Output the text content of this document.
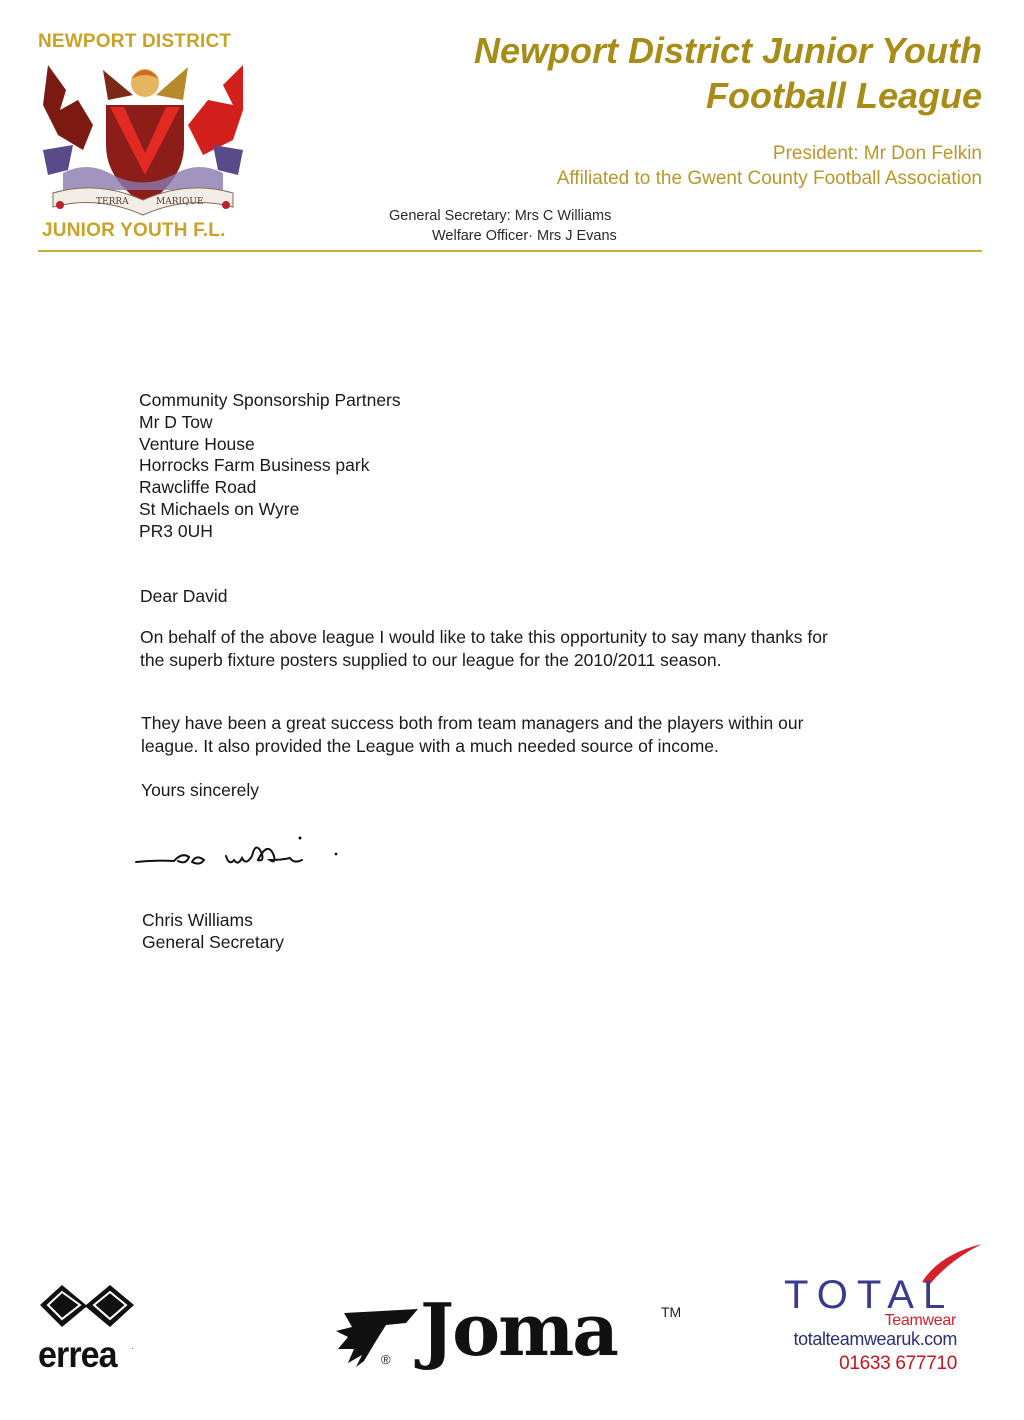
NEWPORT DISTRICT
TERRA	MARIQUE
JUNIOR YOUTH F.L.
Newport District Junior Youth
Football League
President: Mr Don Felkin
Affiliated to the Gwent County Football Association
General Secretary: Mrs C Williams
Welfare Officer· Mrs J Evans
Community Sponsorship Partners
Mr D Tow
Venture House
Horrocks Farm Business park
Rawcliffe Road
St Michaels on Wyre
PR3 0UH
Dear David
On behalf of the above league I would like to take this opportunity to say many thanks for the superb fixture posters supplied to our league for the 2010/2011 season.
They have been a great success both from team managers and the players within our league. It also provided the League with a much needed source of income.
Yours sincerely
Chris Williams
General Secretary
errea ·
® Joma	TM	TOTAL
Teamwear
totalteamwearuk.com
01633 677710
